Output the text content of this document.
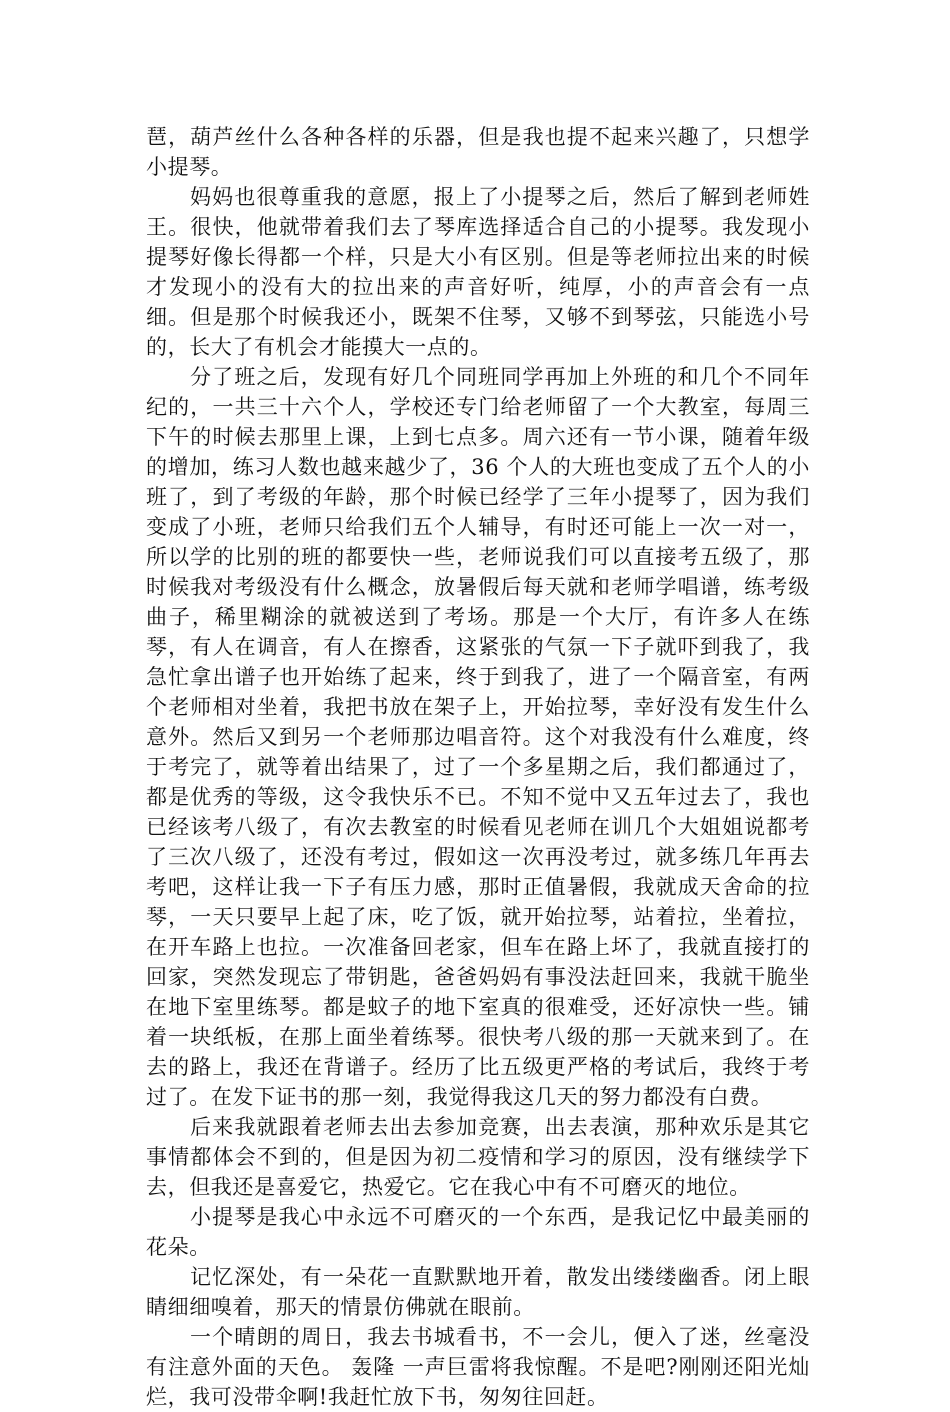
琶，葫芦丝什么各种各样的乐器，但是我也提不起来兴趣了，只想学小提琴。

妈妈也很尊重我的意愿，报上了小提琴之后，然后了解到老师姓王。很快，他就带着我们去了琴库选择适合自己的小提琴。我发现小提琴好像长得都一个样，只是大小有区别。但是等老师拉出来的时候才发现小的没有大的拉出来的声音好听，纯厚，小的声音会有一点细。但是那个时候我还小，既架不住琴，又够不到琴弦，只能选小号的，长大了有机会才能摸大一点的。

分了班之后，发现有好几个同班同学再加上外班的和几个不同年纪的，一共三十六个人，学校还专门给老师留了一个大教室，每周三下午的时候去那里上课，上到七点多。周六还有一节小课，随着年级的增加，练习人数也越来越少了，36 个人的大班也变成了五个人的小班了，到了考级的年龄，那个时候已经学了三年小提琴了，因为我们变成了小班，老师只给我们五个人辅导，有时还可能上一次一对一，所以学的比别的班的都要快一些，老师说我们可以直接考五级了，那时候我对考级没有什么概念，放暑假后每天就和老师学唱谱，练考级曲子，稀里糊涂的就被送到了考场。那是一个大厅，有许多人在练琴，有人在调音，有人在擦香，这紧张的气氛一下子就吓到我了，我急忙拿出谱子也开始练了起来，终于到我了，进了一个隔音室，有两个老师相对坐着，我把书放在架子上，开始拉琴，幸好没有发生什么意外。然后又到另一个老师那边唱音符。这个对我没有什么难度，终于考完了，就等着出结果了，过了一个多星期之后，我们都通过了，都是优秀的等级，这令我快乐不已。不知不觉中又五年过去了，我也已经该考八级了，有次去教室的时候看见老师在训几个大姐姐说都考了三次八级了，还没有考过，假如这一次再没考过，就多练几年再去考吧，这样让我一下子有压力感，那时正值暑假，我就成天舍命的拉琴，一天只要早上起了床，吃了饭，就开始拉琴，站着拉，坐着拉，在开车路上也拉。一次准备回老家，但车在路上坏了，我就直接打的回家，突然发现忘了带钥匙，爸爸妈妈有事没法赶回来，我就干脆坐在地下室里练琴。都是蚊子的地下室真的很难受，还好凉快一些。铺着一块纸板，在那上面坐着练琴。很快考八级的那一天就来到了。在去的路上，我还在背谱子。经历了比五级更严格的考试后，我终于考过了。在发下证书的那一刻，我觉得我这几天的努力都没有白费。

后来我就跟着老师去出去参加竞赛，出去表演，那种欢乐是其它事情都体会不到的，但是因为初二疫情和学习的原因，没有继续学下去，但我还是喜爱它，热爱它。它在我心中有不可磨灭的地位。

小提琴是我心中永远不可磨灭的一个东西，是我记忆中最美丽的花朵。

记忆深处，有一朵花一直默默地开着，散发出缕缕幽香。闭上眼睛细细嗅着，那天的情景仿佛就在眼前。

一个晴朗的周日，我去书城看书，不一会儿，便入了迷，丝毫没有注意外面的天色。 轰隆 一声巨雷将我惊醒。不是吧?刚刚还阳光灿烂，我可没带伞啊!我赶忙放下书，匆匆往回赶。
